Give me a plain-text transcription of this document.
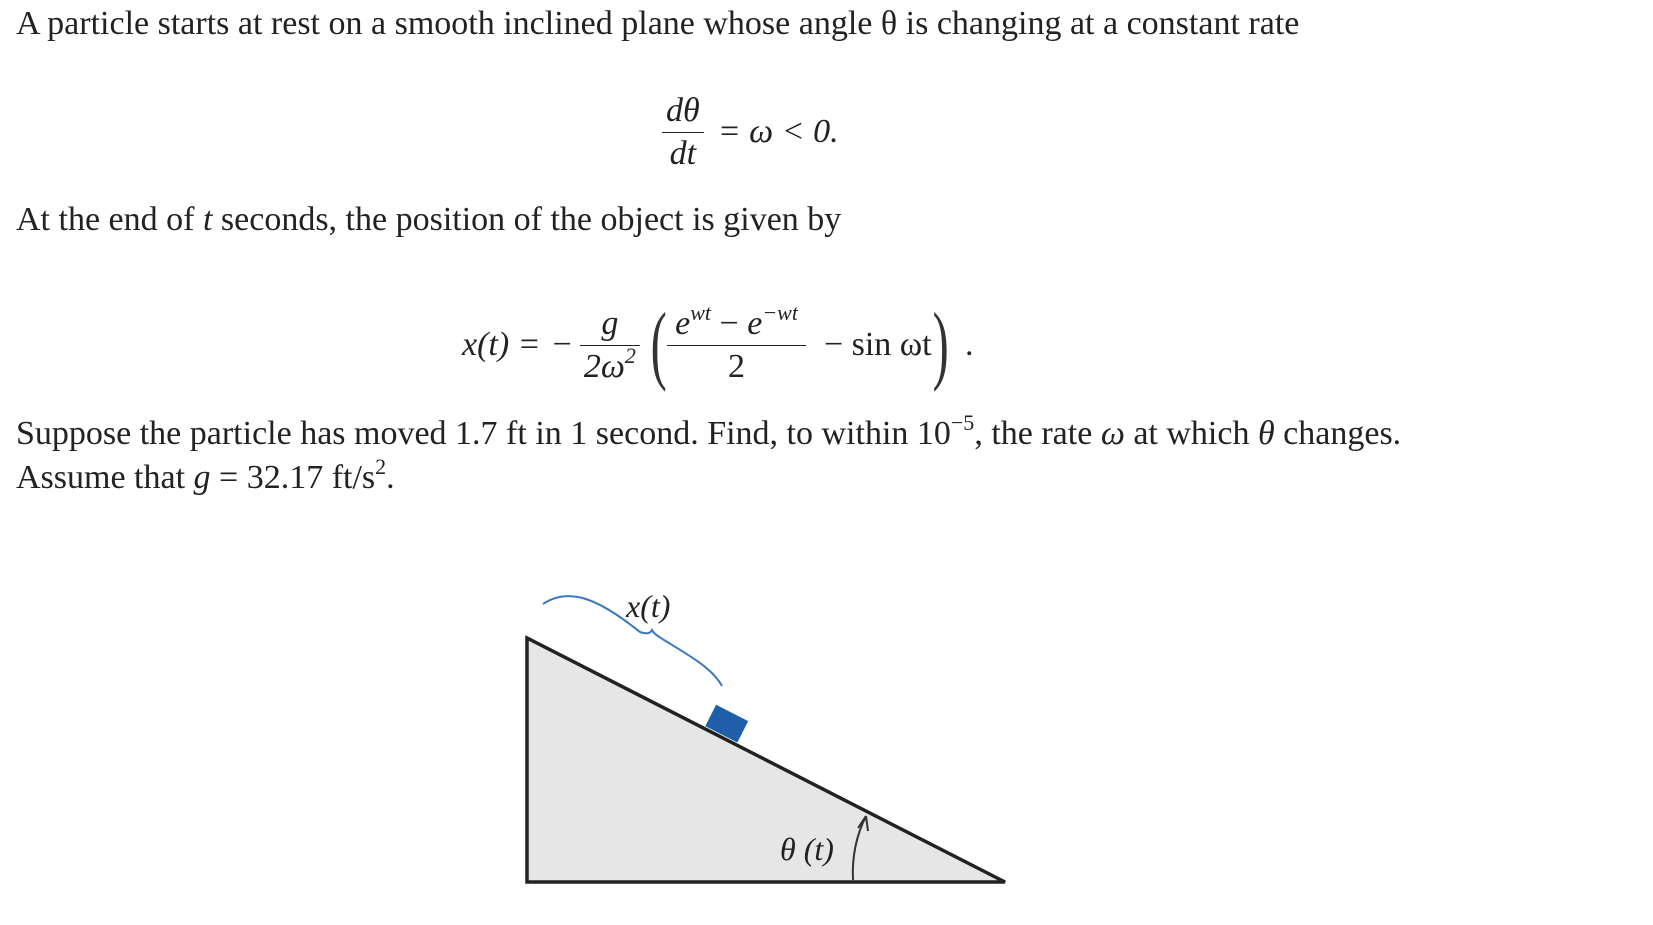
A particle starts at rest on a smooth inclined plane whose angle θ is changing at a constant rate

$\frac{d\theta}{dt} = \omega < 0$.

At the end of t seconds, the position of the object is given by

x(t) = − $\frac{g}{2\omega^2}$ ( $\frac{e^{wt} - e^{-wt}}{2} - \sin \omega t$ ) .

Suppose the particle has moved 1.7 ft in 1 second. Find, to within $10^{-5}$, the rate ω at which θ changes.

Assume that g = 32.17 $ft/s^2$.

x(t)
θ (t)
